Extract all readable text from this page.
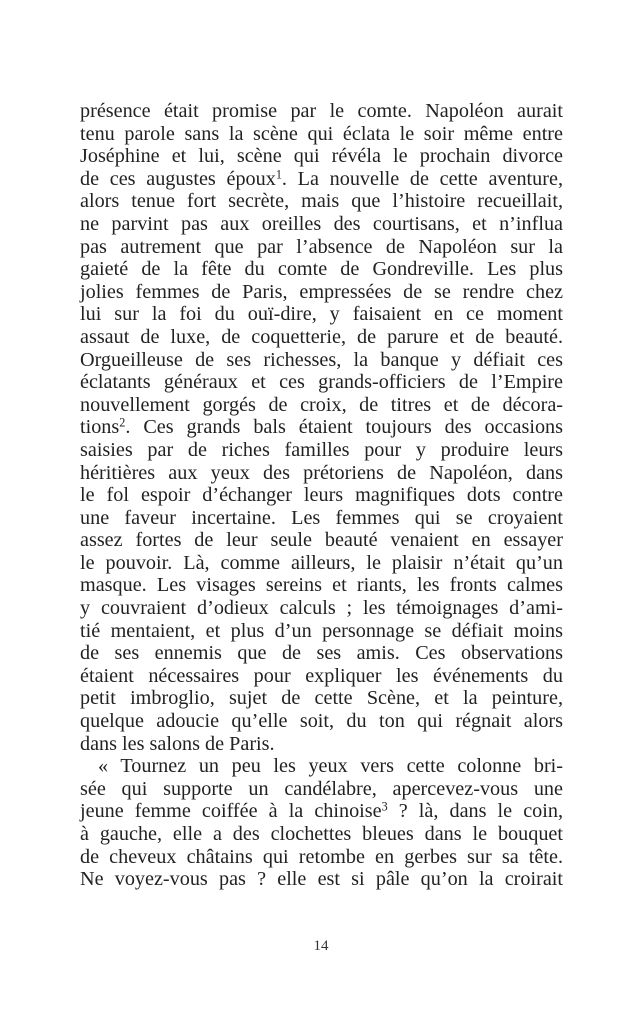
présence était promise par le comte. Napoléon aurait
tenu parole sans la scène qui éclata le soir même entre
Joséphine et lui, scène qui révéla le prochain divorce
de ces augustes époux$^1$. La nouvelle de cette aventure,
alors tenue fort secrète, mais que l’histoire recueillait,
ne parvint pas aux oreilles des courtisans, et n’influa
pas autrement que par l’absence de Napoléon sur la
gaieté de la fête du comte de Gondreville. Les plus
jolies femmes de Paris, empressées de se rendre chez
lui sur la foi du ouï-dire, y faisaient en ce moment
assaut de luxe, de coquetterie, de parure et de beauté.
Orgueilleuse de ses richesses, la banque y défiait ces
éclatants généraux et ces grands-officiers de l’Empire
nouvellement gorgés de croix, de titres et de décora-
tions$^2$. Ces grands bals étaient toujours des occasions
saisies par de riches familles pour y produire leurs
héritières aux yeux des prétoriens de Napoléon, dans
le fol espoir d’échanger leurs magnifiques dots contre
une faveur incertaine. Les femmes qui se croyaient
assez fortes de leur seule beauté venaient en essayer
le pouvoir. Là, comme ailleurs, le plaisir n’était qu’un
masque. Les visages sereins et riants, les fronts calmes
y couvraient d’odieux calculs ; les témoignages d’ami-
tié mentaient, et plus d’un personnage se défiait moins
de ses ennemis que de ses amis. Ces observations
étaient nécessaires pour expliquer les événements du
petit imbroglio, sujet de cette Scène, et la peinture,
quelque adoucie qu’elle soit, du ton qui régnait alors
dans les salons de Paris.
« Tournez un peu les yeux vers cette colonne bri-
sée qui supporte un candélabre, apercevez-vous une
jeune femme coiffée à la chinoise$^3$ ? là, dans le coin,
à gauche, elle a des clochettes bleues dans le bouquet
de cheveux châtains qui retombe en gerbes sur sa tête.
Ne voyez-vous pas ? elle est si pâle qu’on la croirait
14
